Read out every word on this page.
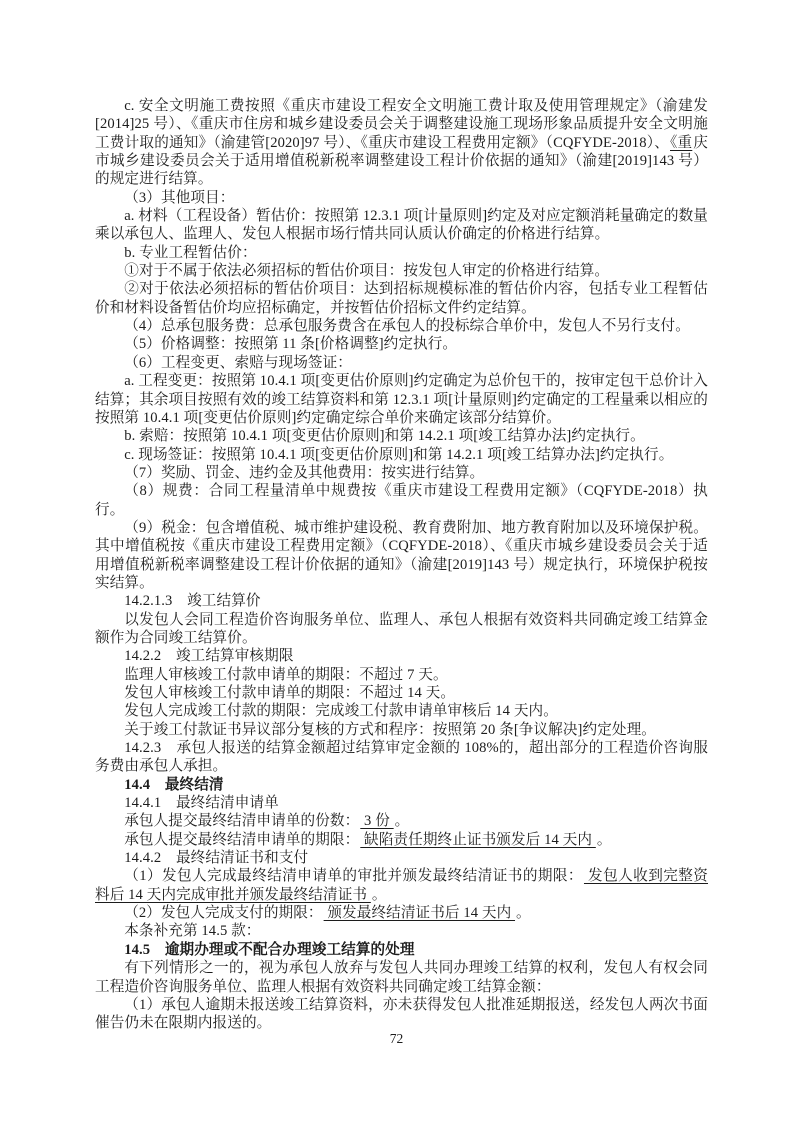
c. 安全文明施工费按照《重庆市建设工程安全文明施工费计取及使用管理规定》（渝建发[2014]25 号）、《重庆市住房和城乡建设委员会关于调整建设施工现场形象品质提升安全文明施工费计取的通知》（渝建管[2020]97 号）、《重庆市建设工程费用定额》（CQFYDE-2018）、《重庆市城乡建设委员会关于适用增值税新税率调整建设工程计价依据的通知》（渝建[2019]143 号）的规定进行结算。

（3）其他项目：

a. 材料（工程设备）暂估价：按照第 12.3.1 项[计量原则]约定及对应定额消耗量确定的数量乘以承包人、监理人、发包人根据市场行情共同认质认价确定的价格进行结算。

b. 专业工程暂估价：

①对于不属于依法必须招标的暂估价项目：按发包人审定的价格进行结算。

②对于依法必须招标的暂估价项目：达到招标规模标准的暂估价内容，包括专业工程暂估价和材料设备暂估价均应招标确定，并按暂估价招标文件约定结算。

（4）总承包服务费：总承包服务费含在承包人的投标综合单价中，发包人不另行支付。

（5）价格调整：按照第 11 条[价格调整]约定执行。

（6）工程变更、索赔与现场签证：

a. 工程变更：按照第 10.4.1 项[变更估价原则]约定确定为总价包干的，按审定包干总价计入结算；其余项目按照有效的竣工结算资料和第 12.3.1 项[计量原则]约定确定的工程量乘以相应的按照第 10.4.1 项[变更估价原则]约定确定综合单价来确定该部分结算价。

b. 索赔：按照第 10.4.1 项[变更估价原则]和第 14.2.1 项[竣工结算办法]约定执行。

c. 现场签证：按照第 10.4.1 项[变更估价原则]和第 14.2.1 项[竣工结算办法]约定执行。

（7）奖励、罚金、违约金及其他费用：按实进行结算。

（8）规费：合同工程量清单中规费按《重庆市建设工程费用定额》（CQFYDE-2018）执行。

（9）税金：包含增值税、城市维护建设税、教育费附加、地方教育附加以及环境保护税。其中增值税按《重庆市建设工程费用定额》（CQFYDE-2018）、《重庆市城乡建设委员会关于适用增值税新税率调整建设工程计价依据的通知》（渝建[2019]143 号）规定执行，环境保护税按实结算。

14.2.1.3　竣工结算价

以发包人会同工程造价咨询服务单位、监理人、承包人根据有效资料共同确定竣工结算金额作为合同竣工结算价。

14.2.2　竣工结算审核期限

监理人审核竣工付款申请单的期限：不超过 7 天。

发包人审核竣工付款申请单的期限：不超过 14 天。

发包人完成竣工付款的期限：完成竣工付款申请单审核后 14 天内。

关于竣工付款证书异议部分复核的方式和程序：按照第 20 条[争议解决]约定处理。

14.2.3　承包人报送的结算金额超过结算审定金额的 108%的，超出部分的工程造价咨询服务费由承包人承担。

14.4　最终结清

14.4.1　最终结清申请单

承包人提交最终结清申请单的份数： 3 份 。

承包人提交最终结清申请单的期限： 缺陷责任期终止证书颁发后 14 天内 。

14.4.2　最终结清证书和支付

（1）发包人完成最终结清申请单的审批并颁发最终结清证书的期限： 发包人收到完整资料后 14 天内完成审批并颁发最终结清证书 。

（2）发包人完成支付的期限： 颁发最终结清证书后 14 天内 。

本条补充第 14.5 款：

14.5　逾期办理或不配合办理竣工结算的处理

有下列情形之一的，视为承包人放弃与发包人共同办理竣工结算的权利，发包人有权会同工程造价咨询服务单位、监理人根据有效资料共同确定竣工结算金额：

（1）承包人逾期未报送竣工结算资料，亦未获得发包人批准延期报送，经发包人两次书面催告仍未在限期内报送的。

72
